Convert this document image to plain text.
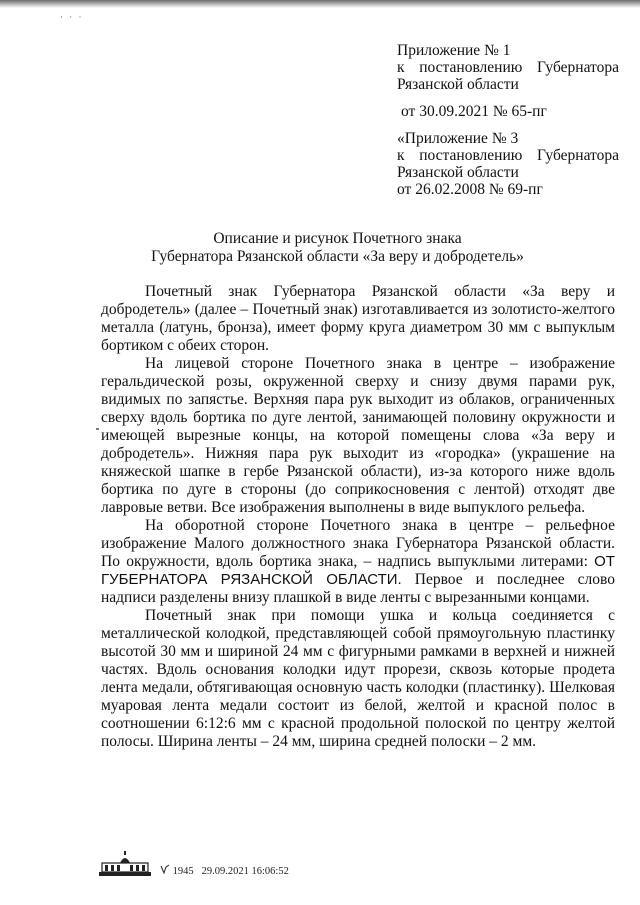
· · ·
Приложение № 1
к постановлению Губернатора
Рязанской области
от 30.09.2021 № 65-пг
«Приложение № 3
к постановлению Губернатора
Рязанской области
от 26.02.2008 № 69-пг
Описание и рисунок Почетного знака
Губернатора Рязанской области «За веру и добродетель»

Почетный знак Губернатора Рязанской области «За веру и добродетель» (далее – Почетный знак) изготавливается из золотисто-желтого металла (латунь, бронза), имеет форму круга диаметром 30 мм с выпуклым бортиком с обеих сторон.

На лицевой стороне Почетного знака в центре – изображение геральдической розы, окруженной сверху и снизу двумя парами рук, видимых по запястье. Верхняя пара рук выходит из облаков, ограниченных сверху вдоль бортика по дуге лентой, занимающей половину окружности и имеющей вырезные концы, на которой помещены слова «За веру и добродетель». Нижняя пара рук выходит из «городка» (украшение на княжеской шапке в гербе Рязанской области), из-за которого ниже вдоль бортика по дуге в стороны (до соприкосновения с лентой) отходят две лавровые ветви. Все изображения выполнены в виде выпуклого рельефа.

На оборотной стороне Почетного знака в центре – рельефное изображение Малого должностного знака Губернатора Рязанской области. По окружности, вдоль бортика знака, – надпись выпуклыми литерами: ОТ ГУБЕРНАТОРА РЯЗАНСКОЙ ОБЛАСТИ. Первое и последнее слово надписи разделены внизу плашкой в виде ленты с вырезанными концами.

Почетный знак при помощи ушка и кольца соединяется с металлической колодкой, представляющей собой прямоугольную пластинку высотой 30 мм и шириной 24 мм с фигурными рамками в верхней и нижней частях. Вдоль основания колодки идут прорези, сквозь которые продета лента медали, обтягивающая основную часть колодки (пластинку). Шелковая муаровая лента медали состоит из белой, желтой и красной полос в соотношении 6:12:6 мм с красной продольной полоской по центру желтой полосы. Ширина ленты – 24 мм, ширина средней полоски – 2 мм.

1945 29.09.2021 16:06:52
